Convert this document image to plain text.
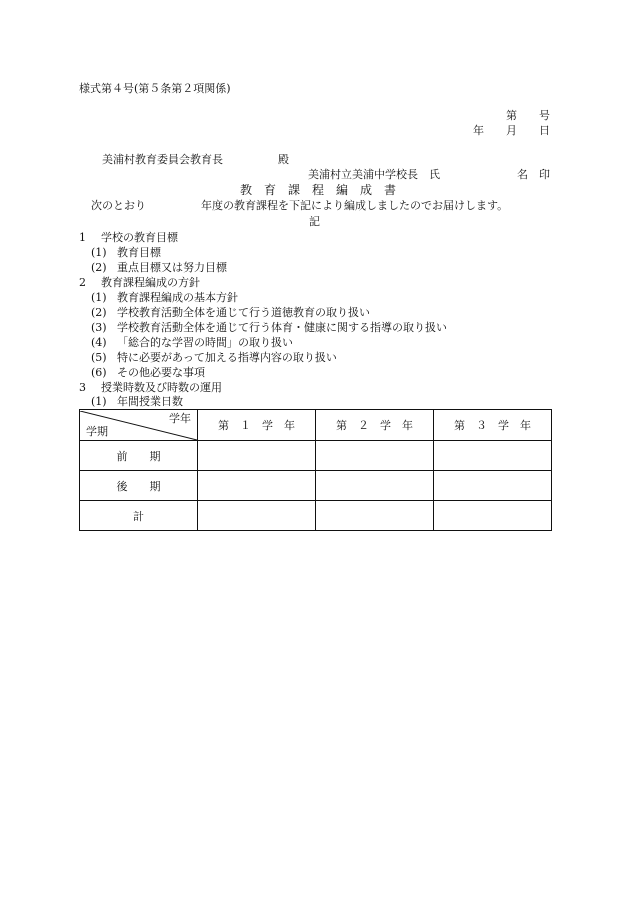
様式第４号(第５条第２項関係)
第　　号
年　　月　　日
美浦村教育委員会教育長　　　　　殿
美浦村立美浦中学校長　氏　　　　　　　名　印
教　育　課　程　編　成　書
次のとおり　　　　　年度の教育課程を下記により編成しましたのでお届けします。
記
1 学校の教育目標
(1) 教育目標
(2) 重点目標又は努力目標
2 教育課程編成の方針
(1) 教育課程編成の基本方針
(2) 学校教育活動全体を通じて行う道徳教育の取り扱い
(3) 学校教育活動全体を通じて行う体育・健康に関する指導の取り扱い
(4) 「総合的な学習の時間」の取り扱い
(5) 特に必要があって加える指導内容の取り扱い
(6) その他必要な事項
3 授業時数及び時数の運用
(1) 年間授業日数
学年
学期	第　１　学　年	第　２　学　年	第　３　学　年
前　　期			
後　　期			
計			
